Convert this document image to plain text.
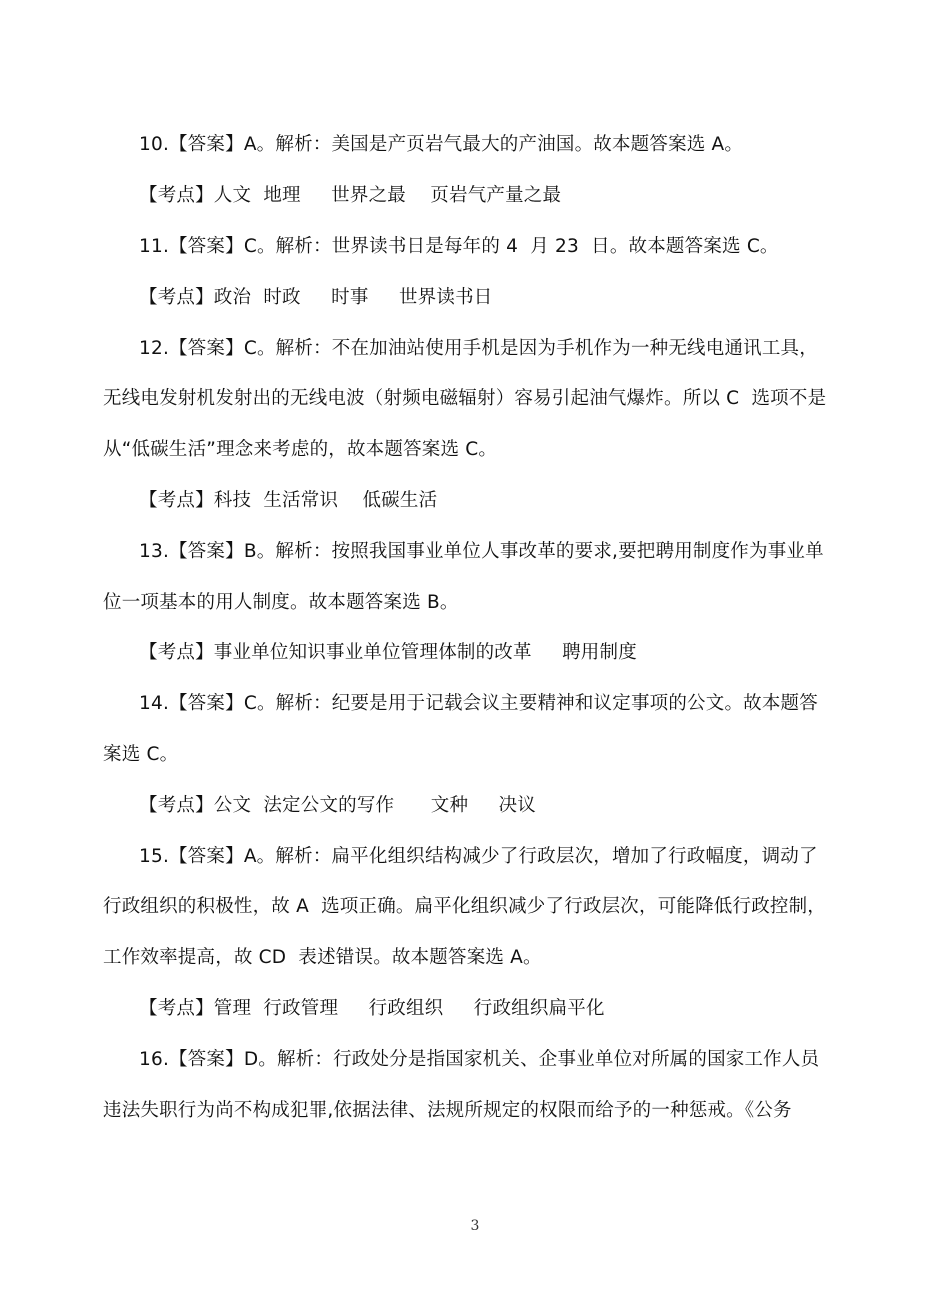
10.【答案】A。解析：美国是产页岩气最大的产油国。故本题答案选 A。
【考点】人文  地理     世界之最    页岩气产量之最
11.【答案】C。解析：世界读书日是每年的 4  月 23  日。故本题答案选 C。
【考点】政治  时政     时事     世界读书日
12.【答案】C。解析：不在加油站使用手机是因为手机作为一种无线电通讯工具，
无线电发射机发射出的无线电波（射频电磁辐射）容易引起油气爆炸。所以 C  选项不是
从“低碳生活”理念来考虑的，故本题答案选 C。
【考点】科技  生活常识    低碳生活
13.【答案】B。解析：按照我国事业单位人事改革的要求,要把聘用制度作为事业单
位一项基本的用人制度。故本题答案选 B。
【考点】事业单位知识事业单位管理体制的改革     聘用制度
14.【答案】C。解析：纪要是用于记载会议主要精神和议定事项的公文。故本题答
案选 C。
【考点】公文  法定公文的写作      文种     决议
15.【答案】A。解析：扁平化组织结构减少了行政层次，增加了行政幅度，调动了
行政组织的积极性，故 A  选项正确。扁平化组织减少了行政层次，可能降低行政控制，
工作效率提高，故 CD  表述错误。故本题答案选 A。
【考点】管理  行政管理     行政组织     行政组织扁平化
16.【答案】D。解析：行政处分是指国家机关、企事业单位对所属的国家工作人员
违法失职行为尚不构成犯罪,依据法律、法规所规定的权限而给予的一种惩戒。《公务
3
